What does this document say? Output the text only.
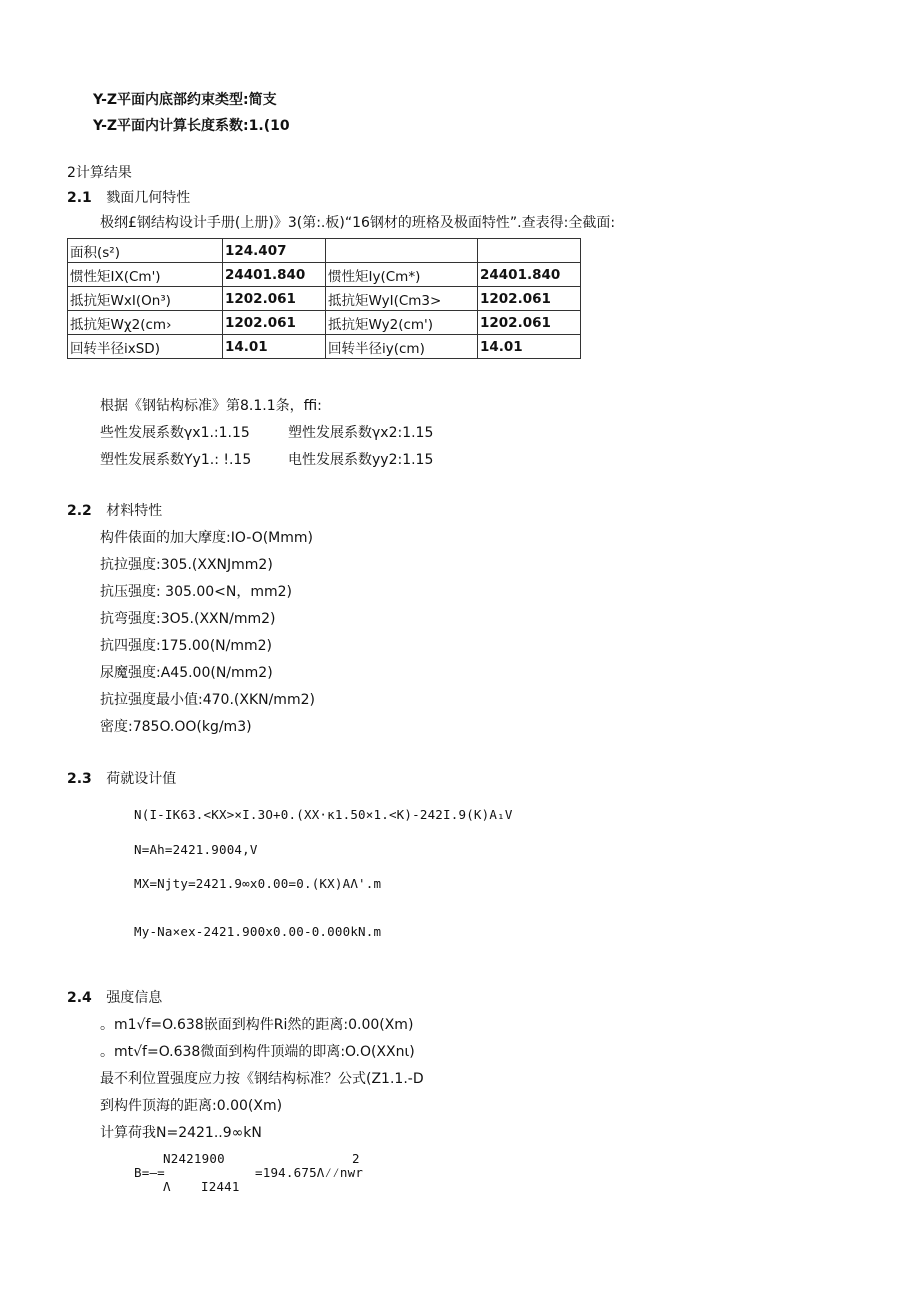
Y-Z平面内底部约束类型:简支
Y-Z平面内计算长度系数:1.(10
2计算结果
2.1 戮面几何特性
极纲£钢结构设计手册(上册)》3(第:.板)“16钢材的班格及极面特性”.查表得:全截面:
面积(s²)	124.407		
惯性矩IX(Cm')	24401.840	惯性矩Iy(Cm*)	24401.840
抵抗矩WxI(On³)	1202.061	抵抗矩WyI(Cm3>	1202.061
抵抗矩Wχ2(cm›	1202.061	抵抗矩Wy2(cm')	1202.061
回转半径ixSD)	14.01	回转半径iy(cm)	14.01
根据《钢钻构标准》第8.1.1条，ffi:
些性发展系数γx1.:1.15	塑性发展系数γx2:1.15
塑性发展系数Yy1.: !.15	电性发展系数yy2:1.15
2.2 材料特性
构件俵面的加大摩度:IO-O(Mmm)
抗拉强度:305.(XXNJmm2)
抗压强度: 305.00<N，mm2)
抗弯强度:3O5.(XXN/mm2)
抗四强度:175.00(N/mm2)
尿魔强度:A45.00(N/mm2)
抗拉强度最小值:470.(XKN/mm2)
密度:785O.OO(kg/m3)
2.3 荷就设计值
N(I-IK63.<KX>×I.3O+0.(XX·к1.50×1.<K)-242I.9(K)A₁V
N=Ah=2421.9004,V
MX=Njty=2421.9∞x0.00=0.(KX)AΛ'.m
My-Na×ex-2421.900x0.00-0.000kN.m
2.4 强度信息
。m1√f=O.638嵌面到构件Ri然的距离:0.00(Xm)
。mt√f=O.638微面到构件顶端的即离:O.O(XXnι)
最不利位置强度应力按《钢结构标准？公式(Z1.1.-D
到构件顶海的距离:0.00(Xm)
计算荷我N=2421..9∞kN
N2421900	2
B=—=	=194.675Λ⁄⁄nwr
Λ I2441
